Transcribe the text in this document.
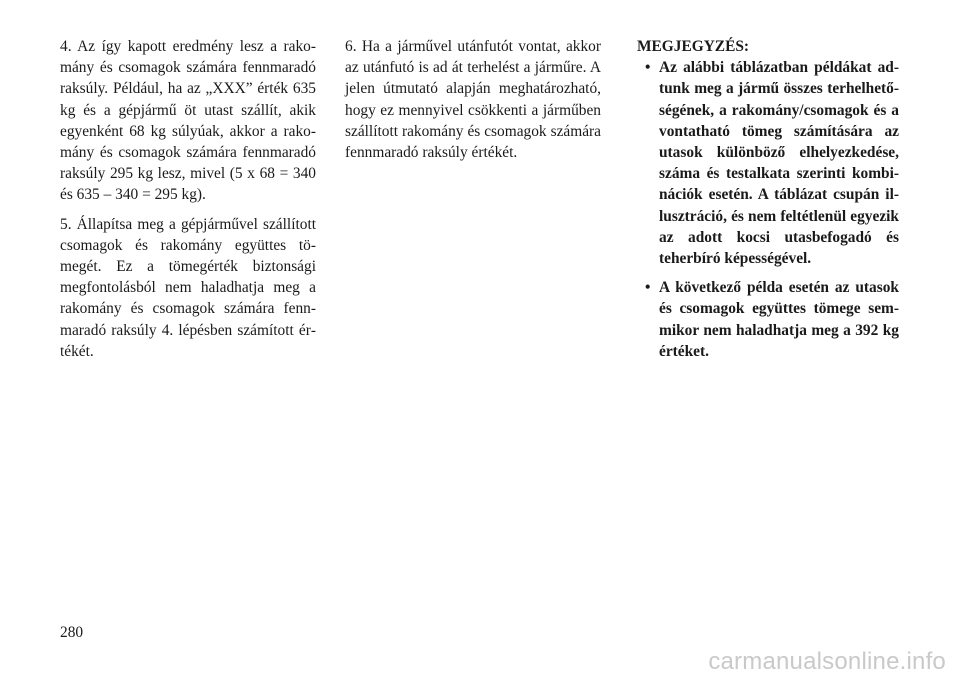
4. Az így kapott eredmény lesz a rakomány és csomagok számára fennmaradó raksúly. Például, ha az „XXX” érték 635 kg és a gépjármű öt utast szállít, akik egyenként 68 kg súlyúak, akkor a rakomány és csomagok számára fennmaradó raksúly 295 kg lesz, mivel (5 x 68 = 340 és 635 – 340 = 295 kg).

5. Állapítsa meg a gépjárművel szállított csomagok és rakomány együttes tömegét. Ez a tömegérték biztonsági megfontolásból nem haladhatja meg a rakomány és csomagok számára fennmaradó raksúly 4. lépésben számított értékét.

6. Ha a járművel utánfutót vontat, akkor az utánfutó is ad át terhelést a járműre. A jelen útmutató alapján meghatározható, hogy ez mennyivel csökkenti a járműben szállított rakomány és csomagok számára fennmaradó raksúly értékét.

MEGJEGYZÉS:

• Az alábbi táblázatban példákat adtunk meg a jármű összes terhelhetőségének, a rakomány/csomagok és a vontatható tömeg számítására az utasok különböző elhelyezkedése, száma és testalkata szerinti kombinációk esetén. A táblázat csupán illusztráció, és nem feltétlenül egyezik az adott kocsi utasbefogadó és teherbíró képességével.
• A következő példa esetén az utasok és csomagok együttes tömege semmikor nem haladhatja meg a 392 kg értéket.
280
carmanualsonline.info
